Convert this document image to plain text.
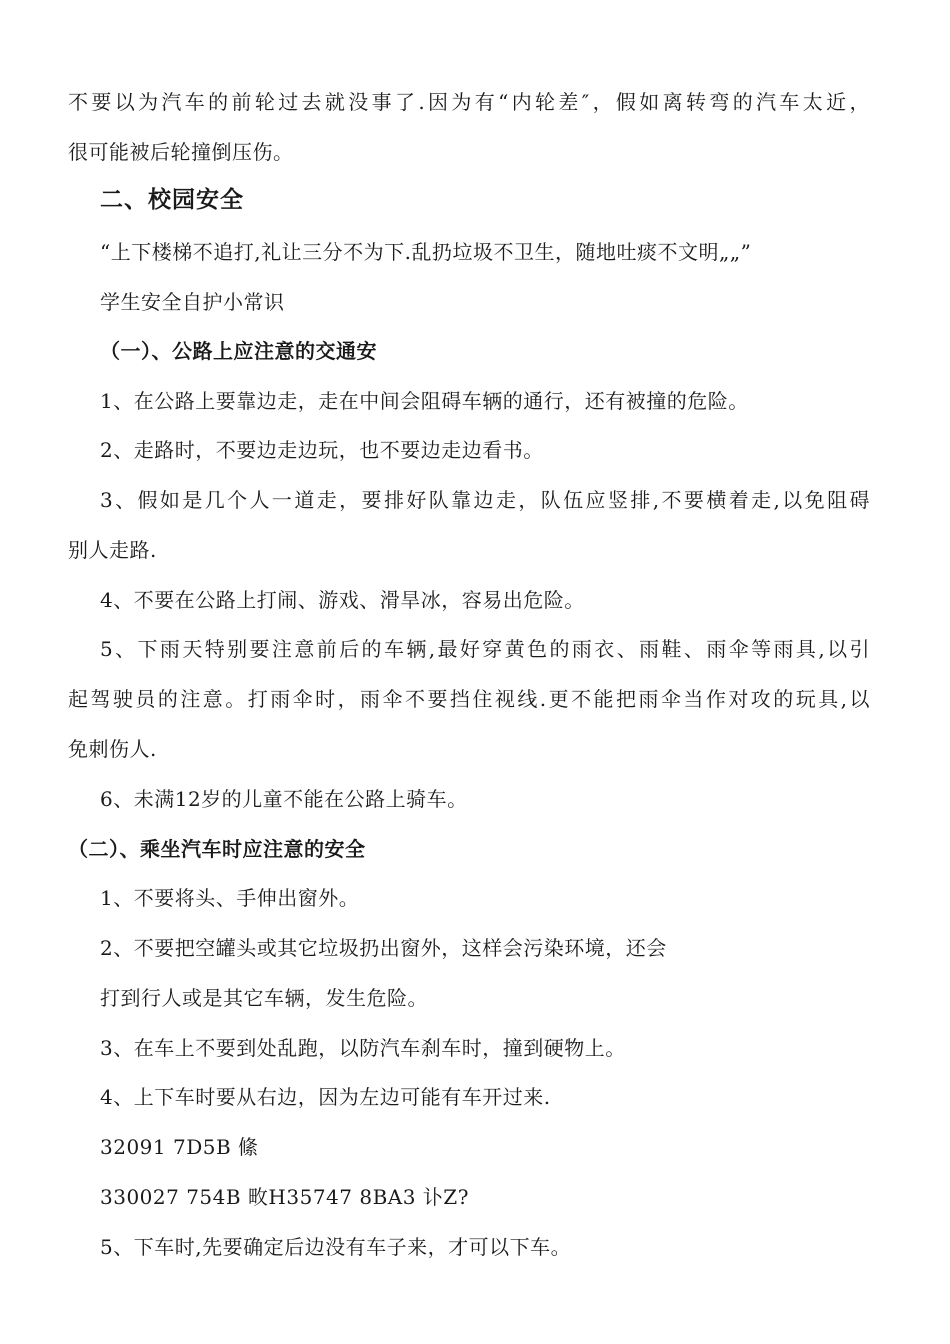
不要以为汽车的前轮过去就没事了.因为有“内轮差″，假如离转弯的汽车太近，
很可能被后轮撞倒压伤。
二、校园安全
“上下楼梯不追打,礼让三分不为下.乱扔垃圾不卫生，随地吐痰不文明„„”
学生安全自护小常识
（一）、公路上应注意的交通安
1、在公路上要靠边走，走在中间会阻碍车辆的通行，还有被撞的危险。
2、走路时，不要边走边玩，也不要边走边看书。
3、假如是几个人一道走，要排好队靠边走，队伍应竖排,不要横着走,以免阻碍
别人走路.
4、不要在公路上打闹、游戏、滑旱冰，容易出危险。
5、下雨天特别要注意前后的车辆,最好穿黄色的雨衣、雨鞋、雨伞等雨具,以引
起驾驶员的注意。打雨伞时，雨伞不要挡住视线.更不能把雨伞当作对攻的玩具,以
免刺伤人.
6、未满12岁的儿童不能在公路上骑车。
（二）、乘坐汽车时应注意的安全
1、不要将头、手伸出窗外。
2、不要把空罐头或其它垃圾扔出窗外，这样会污染环境，还会
打到行人或是其它车辆，发生危险。
3、在车上不要到处乱跑，以防汽车刹车时，撞到硬物上。
4、上下车时要从右边，因为左边可能有车开过来.
32091 7D5B 絛
330027 754B 畋H35747 8BA3 讣Z?
5、下车时,先要确定后边没有车子来，才可以下车。
